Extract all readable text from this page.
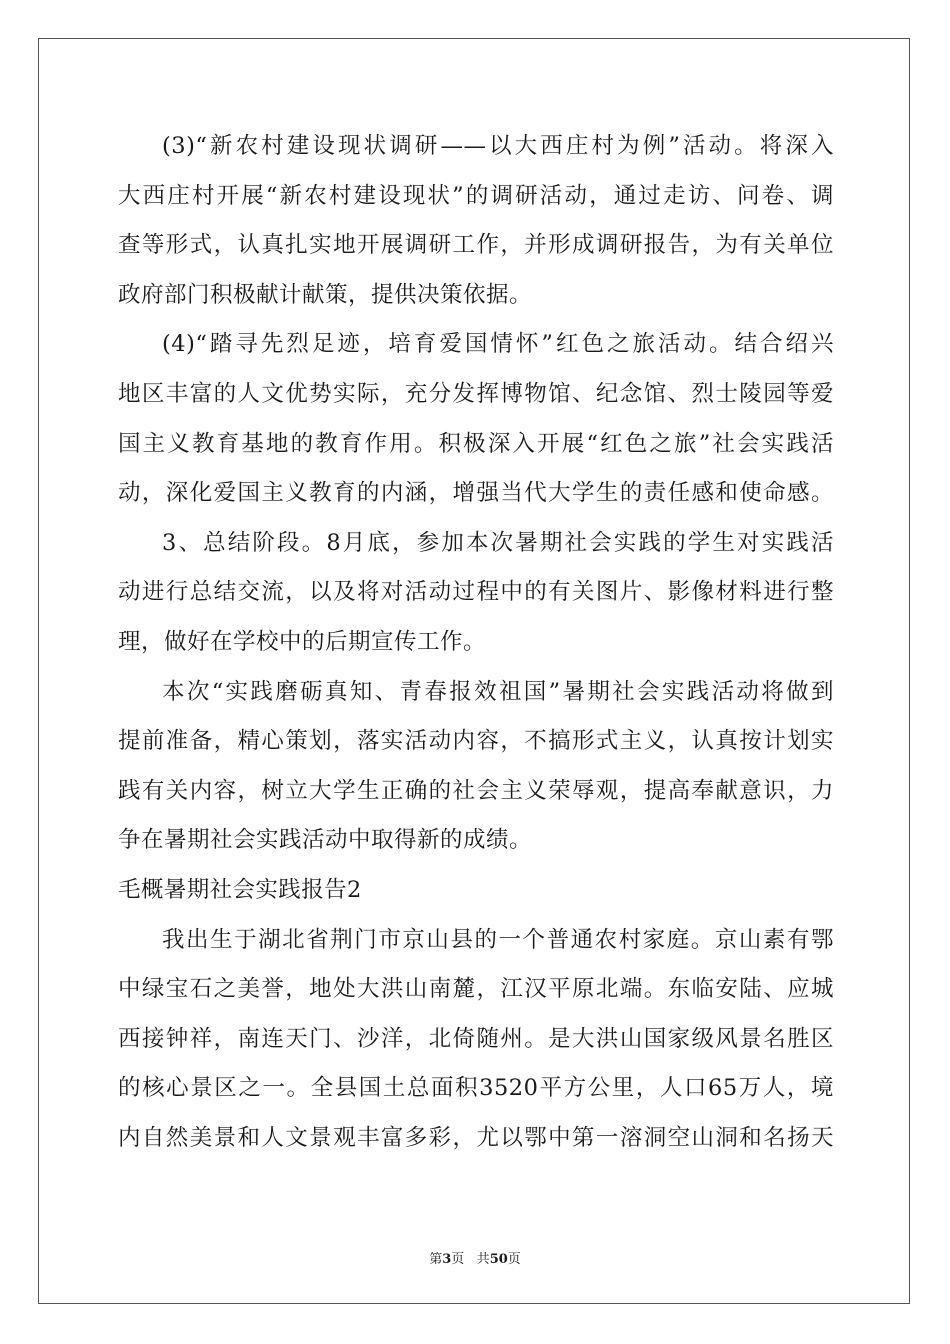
(3)“新农村建设现状调研——以大西庄村为例”活动。将深入
大西庄村开展“新农村建设现状”的调研活动，通过走访、问卷、调
查等形式，认真扎实地开展调研工作，并形成调研报告，为有关单位
政府部门积极献计献策，提供决策依据。
(4)“踏寻先烈足迹，培育爱国情怀”红色之旅活动。结合绍兴
地区丰富的人文优势实际，充分发挥博物馆、纪念馆、烈士陵园等爱
国主义教育基地的教育作用。积极深入开展“红色之旅”社会实践活
动，深化爱国主义教育的内涵，增强当代大学生的责任感和使命感。
3、总结阶段。8月底，参加本次暑期社会实践的学生对实践活
动进行总结交流，以及将对活动过程中的有关图片、影像材料进行整
理，做好在学校中的后期宣传工作。
本次“实践磨砺真知、青春报效祖国”暑期社会实践活动将做到
提前准备，精心策划，落实活动内容，不搞形式主义，认真按计划实
践有关内容，树立大学生正确的社会主义荣辱观，提高奉献意识，力
争在暑期社会实践活动中取得新的成绩。
毛概暑期社会实践报告2
我出生于湖北省荆门市京山县的一个普通农村家庭。京山素有鄂
中绿宝石之美誉，地处大洪山南麓，江汉平原北端。东临安陆、应城
西接钟祥，南连天门、沙洋，北倚随州。是大洪山国家级风景名胜区
的核心景区之一。全县国土总面积3520平方公里，人口65万人，境
内自然美景和人文景观丰富多彩，尤以鄂中第一溶洞空山洞和名扬天
第3页 共50页
